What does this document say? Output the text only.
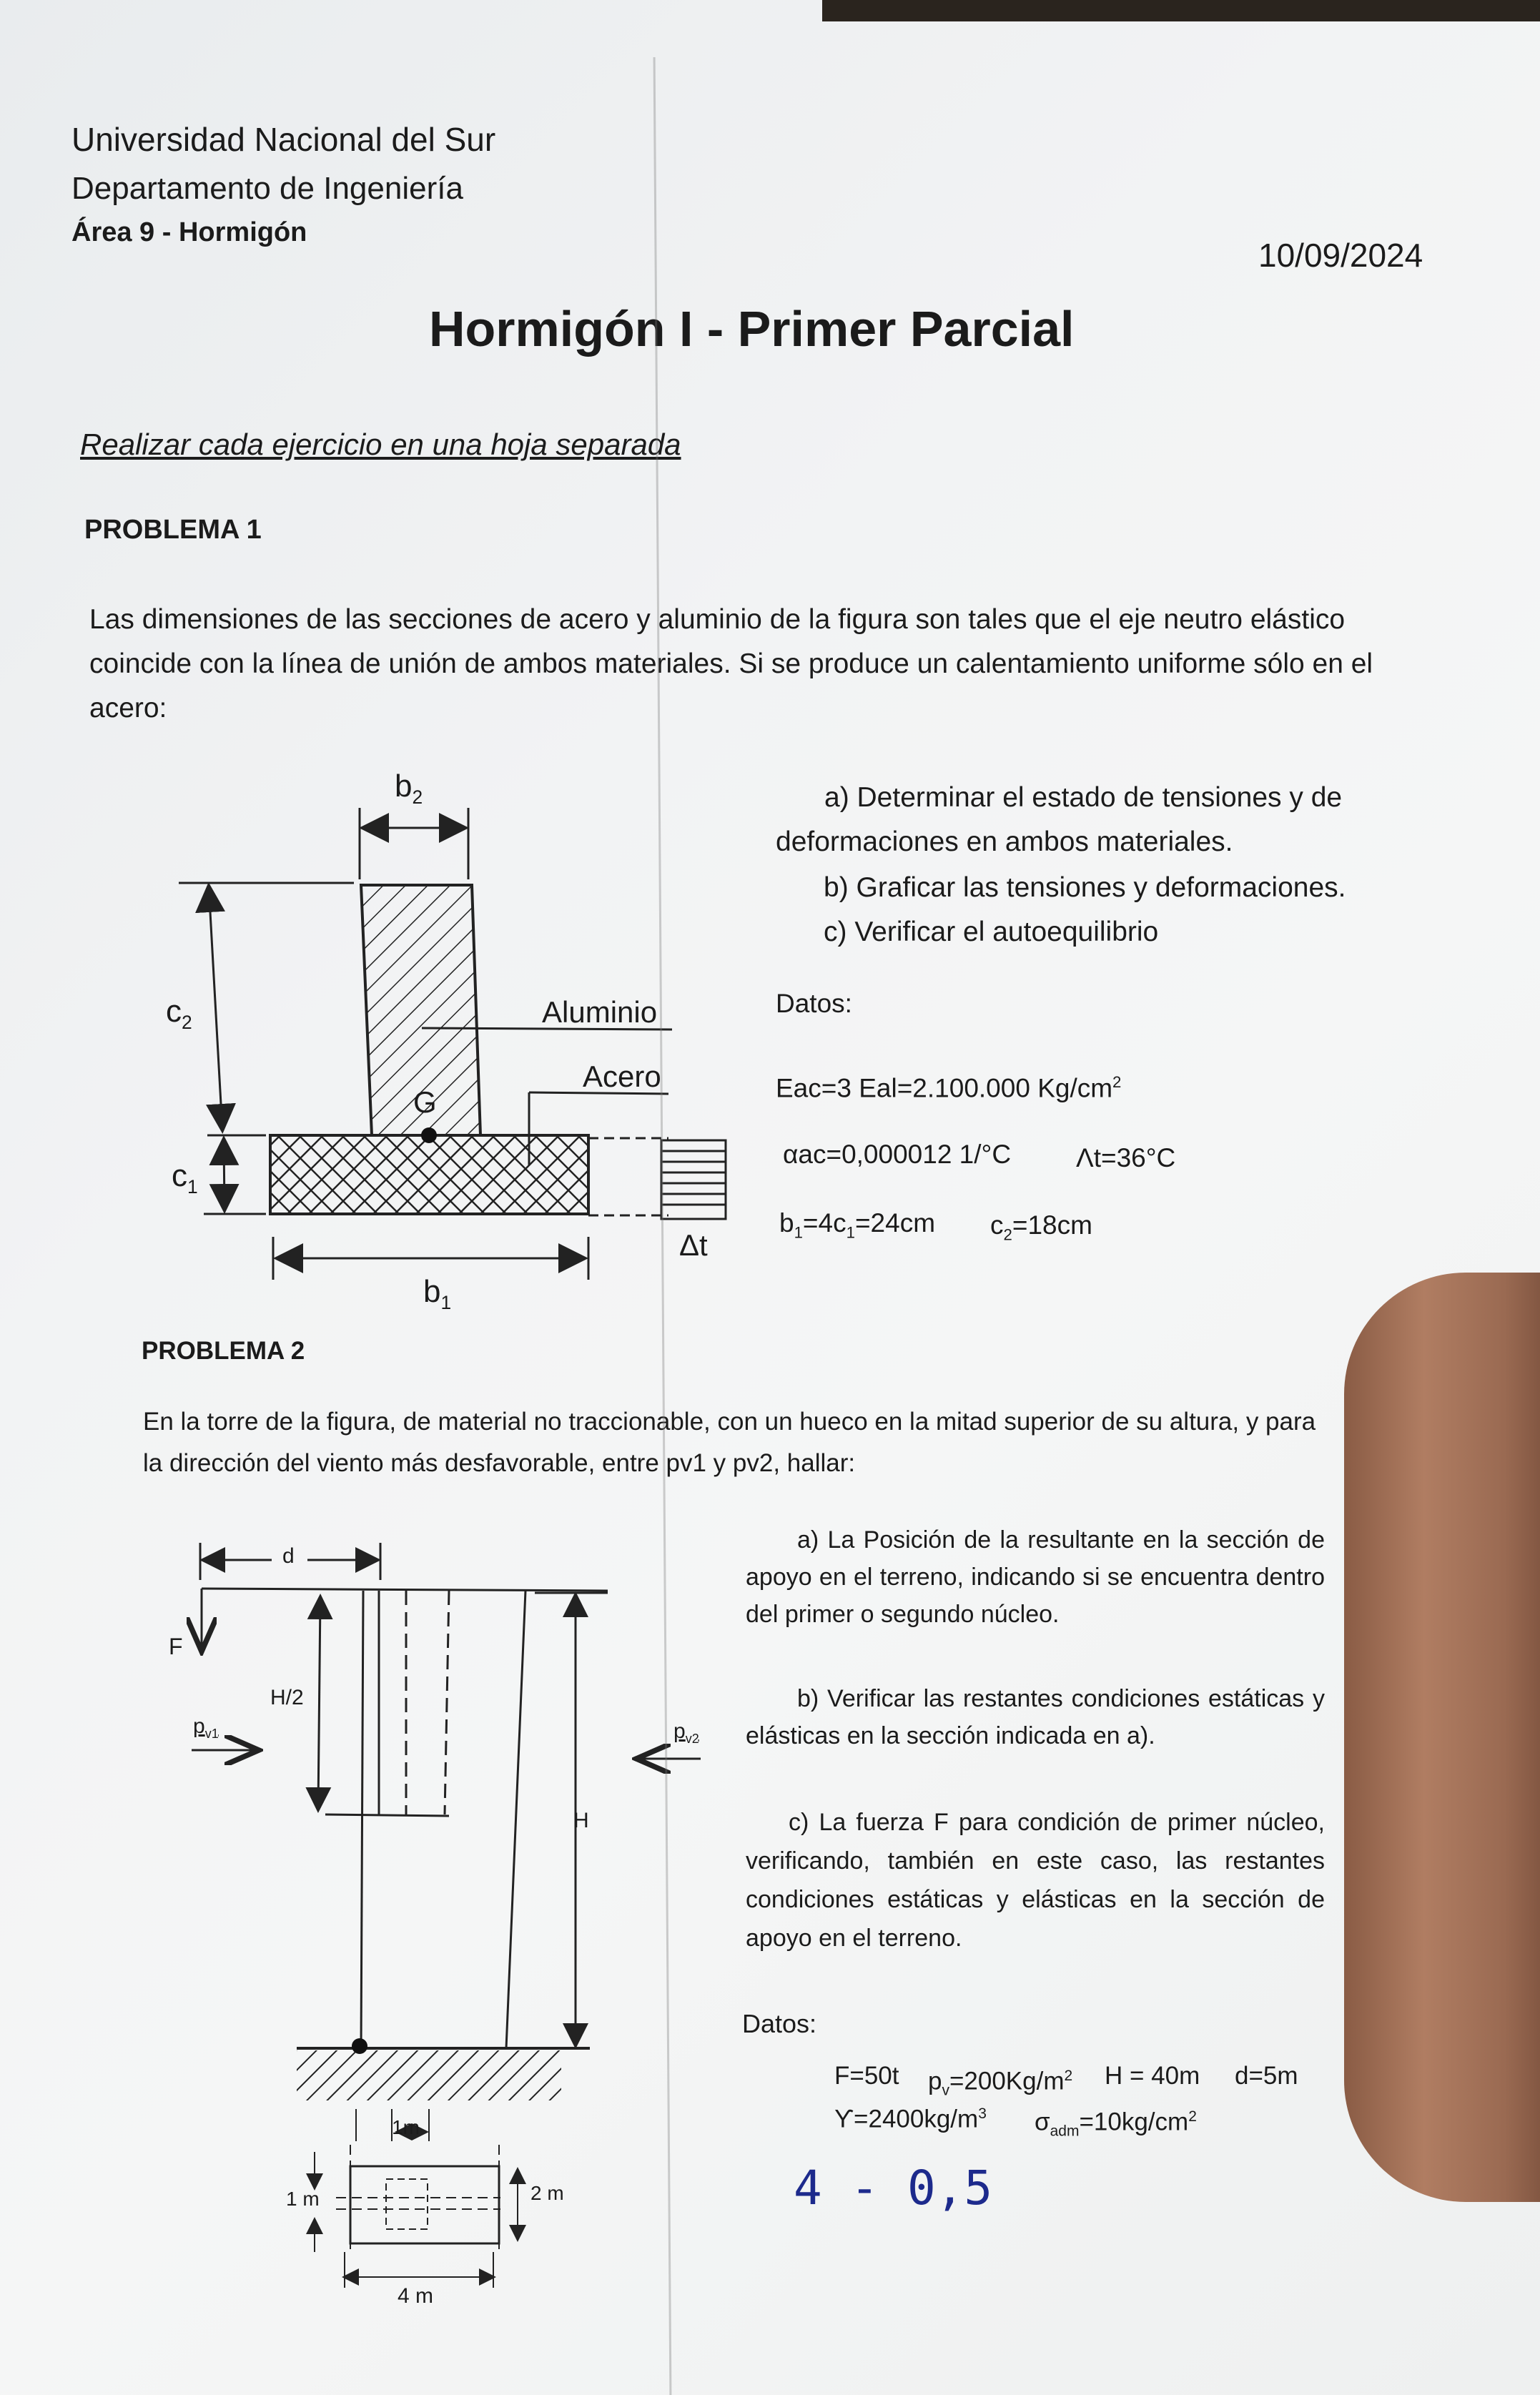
Universidad Nacional del Sur
Departamento de Ingeniería
Área 9 - Hormigón
10/09/2024
Hormigón I - Primer Parcial
Realizar cada ejercicio en una hoja separada
PROBLEMA 1
Las dimensiones de las secciones de acero y aluminio de la figura son tales que el eje neutro elástico coincide con la línea de unión de ambos materiales. Si se produce un calentamiento uniforme sólo en el acero:
a) Determinar el estado de tensiones y de deformaciones en ambos materiales.
b) Graficar las tensiones y deformaciones.
c) Verificar el autoequilibrio
Datos:
Eac=3 Eal=2.100.000 $Kg/cm^2$
αac=0,000012 1/°C Λt=36°C
$b_1=4c_1=24cm$ $c_2=18cm$
$b_2$
$c_2$
$c_1$
$b_1$
Aluminio
Acero
G
Δt
PROBLEMA 2
En la torre de la figura, de material no traccionable, con un hueco en la mitad superior de su altura, y para la dirección del viento más desfavorable, entre pv1 y pv2, hallar:
a) La Posición de la resultante en la sección de apoyo en el terreno, indicando si se encuentra dentro del primer o segundo núcleo.
b) Verificar las restantes condiciones estáticas y elásticas en la sección indicada en a).
c) La fuerza F para condición de primer núcleo, verificando, también en este caso, las restantes condiciones estáticas y elásticas en la sección de apoyo en el terreno.
Datos:
F=50t $p_v=200Kg/m^2$ H = 40m d=5m
$ϒ=2400kg/m^3$ $\sigma_{adm}=10kg/cm^2$
4 - 0,5
d
F
H/2
$p_{v1}$	$p_{v2}$
H
1m
1 m	2 m
4 m
